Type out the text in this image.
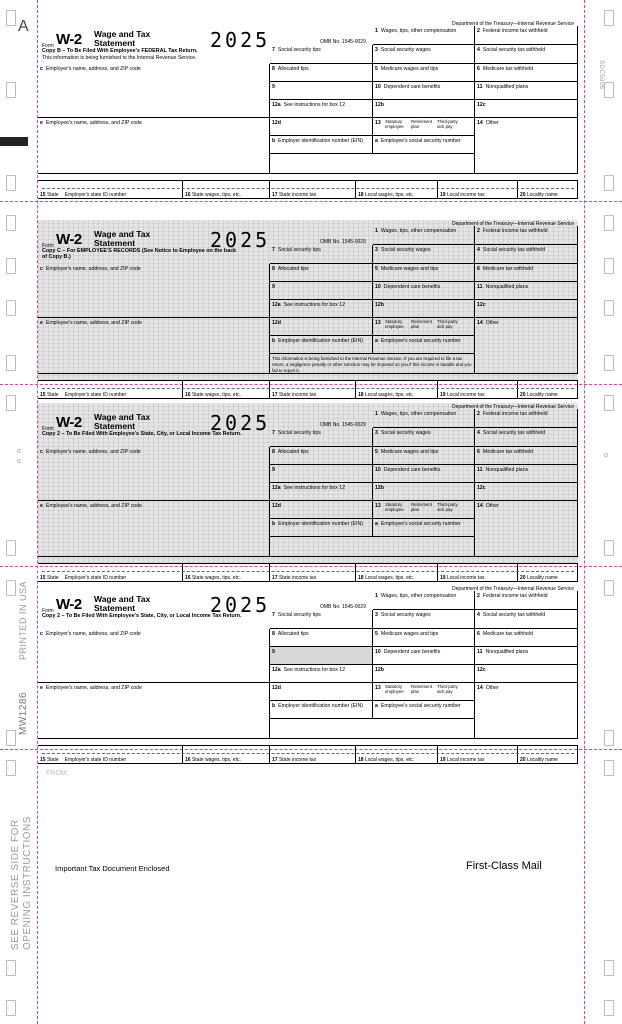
A
o
o
PRINTED IN USA
MW1286
SEE REVERSE SIDE FOR OPENING INSTRUCTIONS
o
SDC5006
Department of the Treasury—Internal Revenue Service
Form W-2 Wage and Tax Statement	2025	OMB No. 1545-0029
Copy B – To Be Filed With Employee's FEDERAL Tax Return.
This information is being furnished to the Internal Revenue Service.
1 Wages, tips, other compensation	2 Federal income tax withheld
7 Social security tips	3 Social security wages	4 Social security tax withheld
8 Allocated tips	5 Medicare wages and tips	6 Medicare tax withheld
9	10 Dependent care benefits	11 Nonqualified plans
12a See instructions for box 12	12b	12c
12d	13 Statutory employee
Retirement plan
Third-party sick pay
14 Other
b Employer identification number (EIN)	a Employee's social security number
c Employer's name, address, and ZIP code
e Employee's name, address, and ZIP code
15 State Employer's state ID number	16 State wages, tips, etc.	17 State income tax	18 Local wages, tips, etc.	19 Local income tax	20 Locality name
Department of the Treasury—Internal Revenue Service
Form W-2 Wage and Tax Statement	2025	OMB No. 1545-0029
Copy C – For EMPLOYEE'S RECORDS (See Notice to Employee on the back of Copy B.)
1 Wages, tips, other compensation	2 Federal income tax withheld
7 Social security tips	3 Social security wages	4 Social security tax withheld
8 Allocated tips	5 Medicare wages and tips	6 Medicare tax withheld
9	10 Dependent care benefits	11 Nonqualified plans
12a See instructions for box 12	12b	12c
12d	13 Statutory employee
Retirement plan
Third-party sick pay
14 Other
b Employer identification number (EIN)	a Employee's social security number
c Employer's name, address, and ZIP code
e Employee's name, address, and ZIP code
This information is being furnished to the Internal Revenue Service. If you are required to file a tax return, a negligence penalty or other sanction may be imposed on you if this income is taxable and you fail to report it.
15 State Employer's state ID number	16 State wages, tips, etc.	17 State income tax	18 Local wages, tips, etc.	19 Local income tax	20 Locality name
Department of the Treasury—Internal Revenue Service
Form W-2 Wage and Tax Statement	2025	OMB No. 1545-0029
Copy 2 – To Be Filed With Employee's State, City, or Local Income Tax Return.
1 Wages, tips, other compensation	2 Federal income tax withheld
7 Social security tips	3 Social security wages	4 Social security tax withheld
8 Allocated tips	5 Medicare wages and tips	6 Medicare tax withheld
9	10 Dependent care benefits	11 Nonqualified plans
12a See instructions for box 12	12b	12c
12d	13 Statutory employee
Retirement plan
Third-party sick pay
14 Other
b Employer identification number (EIN)	a Employee's social security number
c Employer's name, address, and ZIP code
e Employee's name, address, and ZIP code
15 State Employer's state ID number	16 State wages, tips, etc.	17 State income tax	18 Local wages, tips, etc.	19 Local income tax	20 Locality name
Department of the Treasury—Internal Revenue Service
Form W-2 Wage and Tax Statement	2025	OMB No. 1545-0029
Copy 2 – To Be Filed With Employee's State, City, or Local Income Tax Return.
1 Wages, tips, other compensation	2 Federal income tax withheld
7 Social security tips	3 Social security wages	4 Social security tax withheld
8 Allocated tips	5 Medicare wages and tips	6 Medicare tax withheld
9	10 Dependent care benefits	11 Nonqualified plans
12a See instructions for box 12	12b	12c
12d	13 Statutory employee
Retirement plan
Third-party sick pay
14 Other
b Employer identification number (EIN)	a Employee's social security number
c Employer's name, address, and ZIP code
e Employee's name, address, and ZIP code
15 State Employer's state ID number	16 State wages, tips, etc.	17 State income tax	18 Local wages, tips, etc.	19 Local income tax	20 Locality name
FROM:
Important Tax Document Enclosed	First-Class Mail
